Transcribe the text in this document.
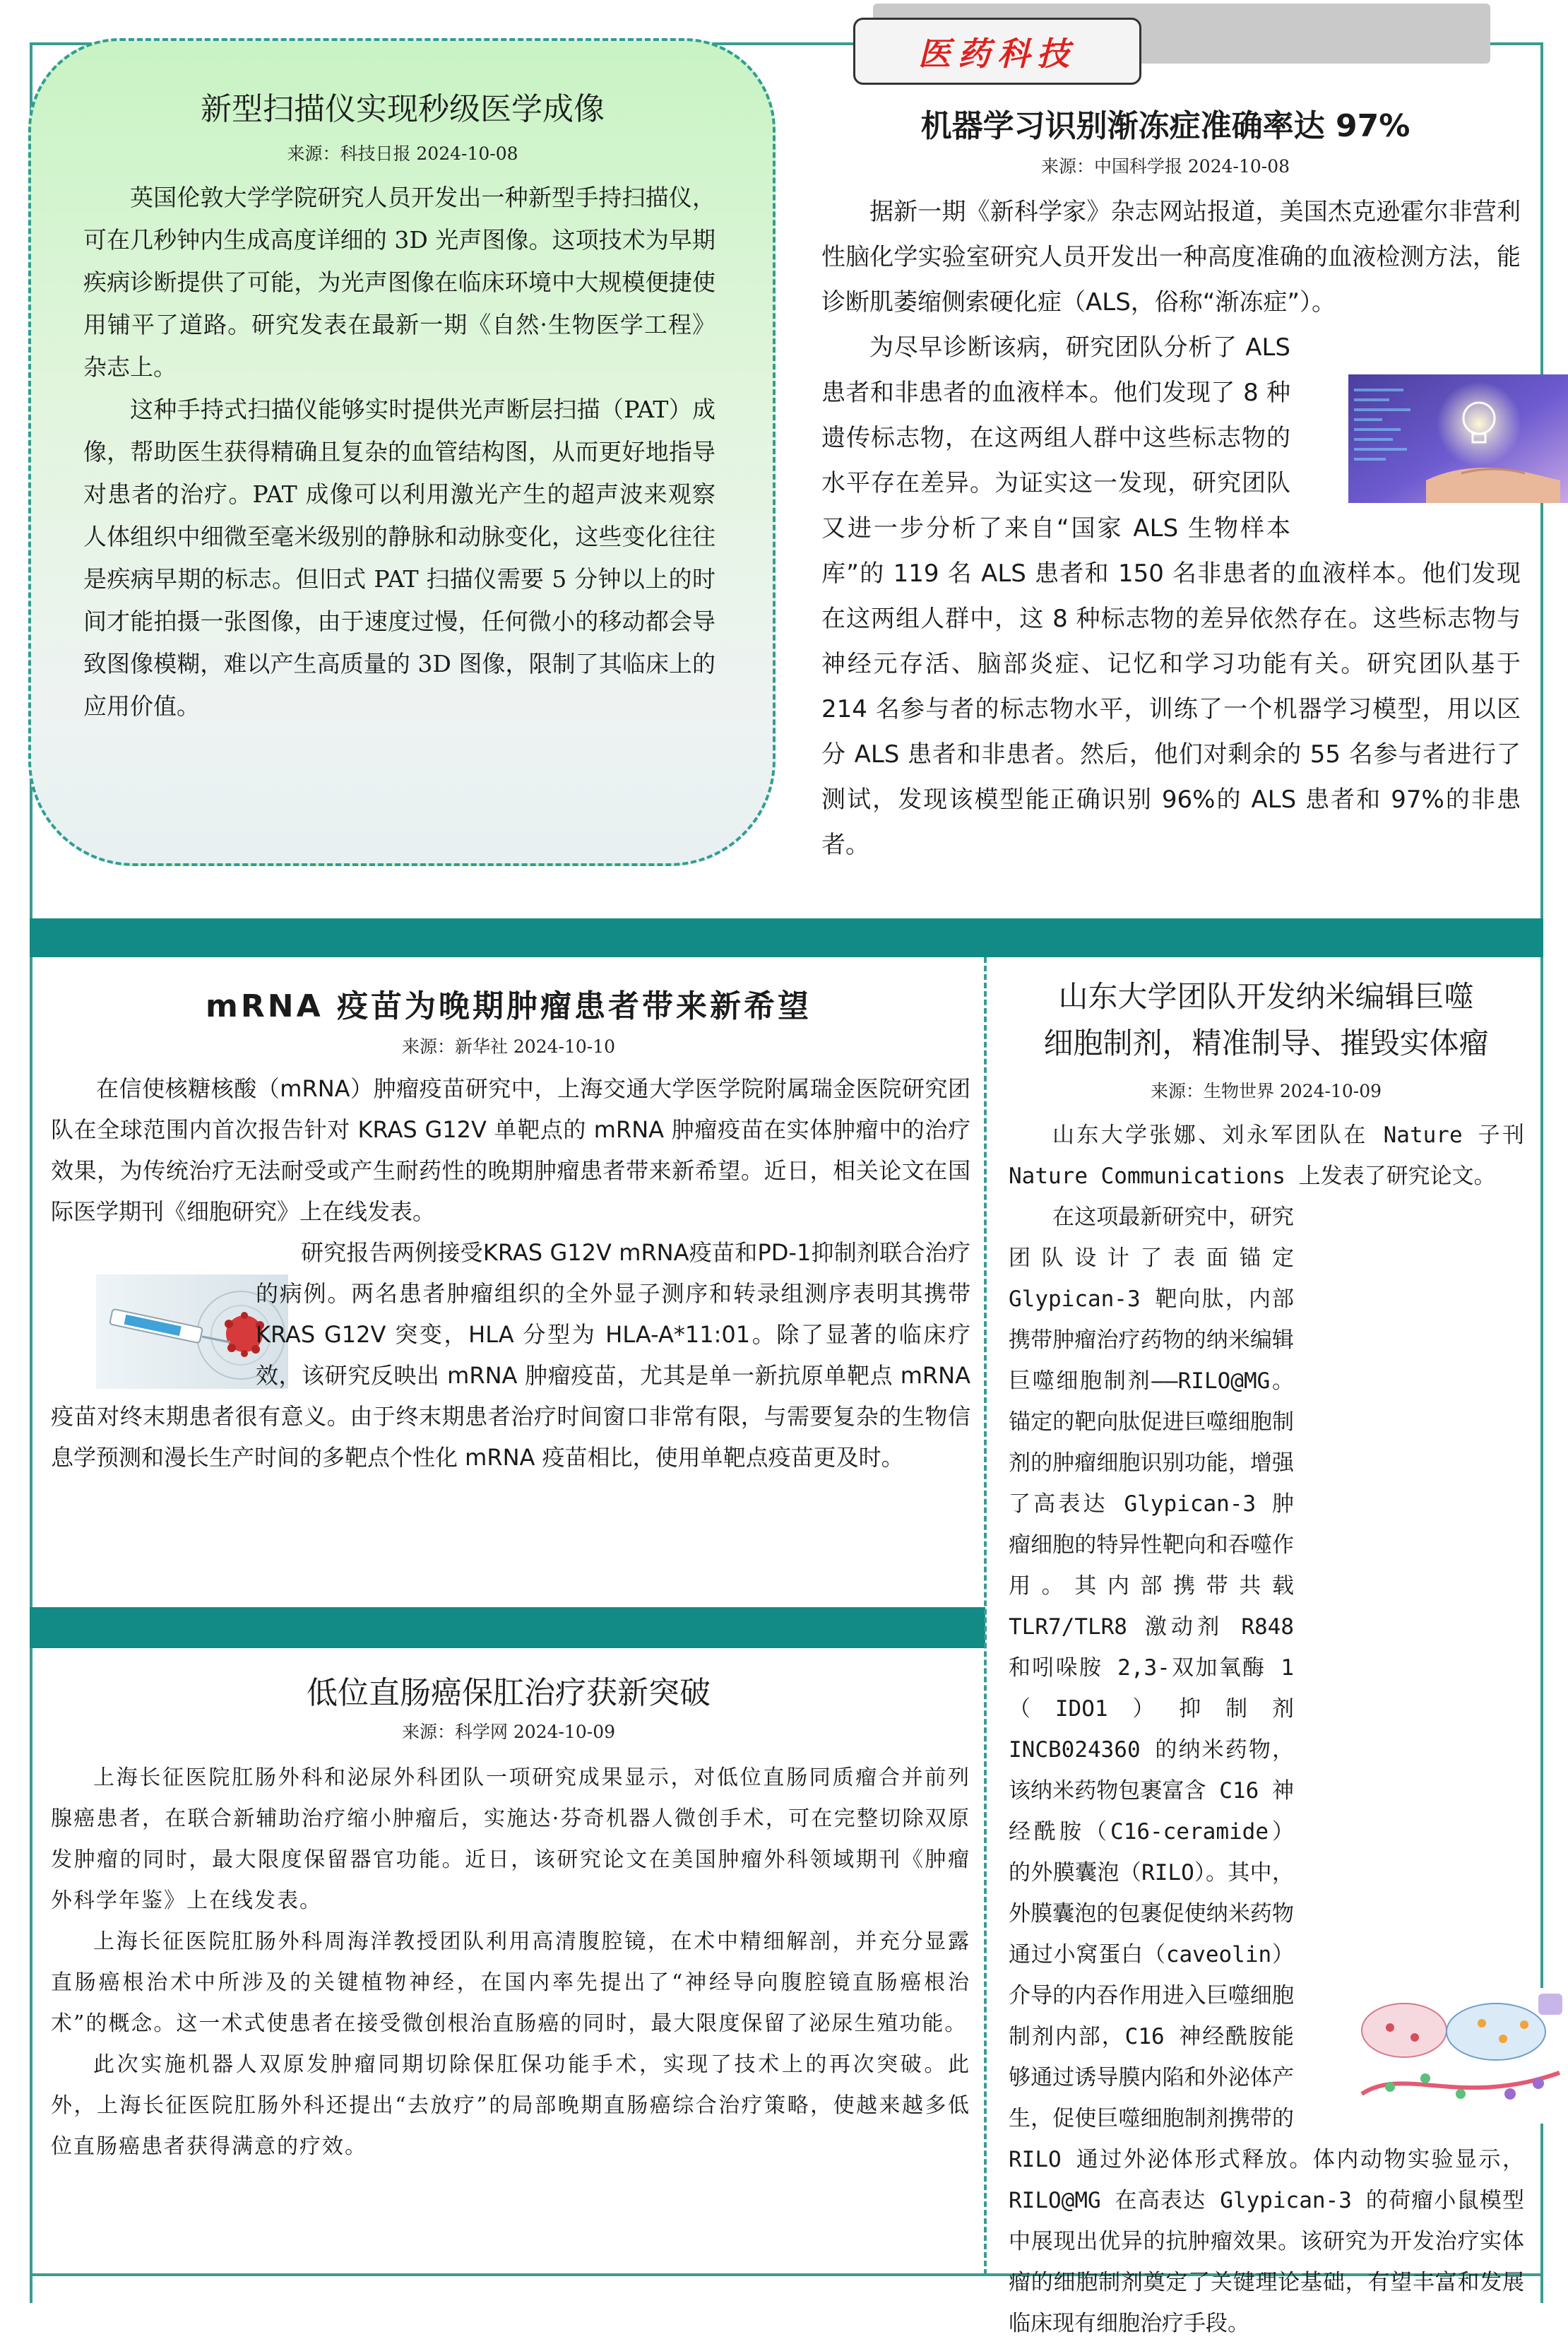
医药科技
新型扫描仪实现秒级医学成像
来源：科技日报 2024-10-08

英国伦敦大学学院研究人员开发出一种新型手持扫描仪，可在几秒钟内生成高度详细的 3D 光声图像。这项技术为早期疾病诊断提供了可能，为光声图像在临床环境中大规模便捷使用铺平了道路。研究发表在最新一期《自然·生物医学工程》杂志上。

这种手持式扫描仪能够实时提供光声断层扫描（PAT）成像，帮助医生获得精确且复杂的血管结构图，从而更好地指导对患者的治疗。PAT 成像可以利用激光产生的超声波来观察人体组织中细微至毫米级别的静脉和动脉变化，这些变化往往是疾病早期的标志。但旧式 PAT 扫描仪需要 5 分钟以上的时间才能拍摄一张图像，由于速度过慢，任何微小的移动都会导致图像模糊，难以产生高质量的 3D 图像，限制了其临床上的应用价值。

机器学习识别渐冻症准确率达 97%
来源：中国科学报 2024-10-08

据新一期《新科学家》杂志网站报道，美国杰克逊霍尔非营利性脑化学实验室研究人员开发出一种高度准确的血液检测方法，能诊断肌萎缩侧索硬化症（ALS，俗称“渐冻症”）。

为尽早诊断该病，研究团队分析了 ALS 患者和非患者的血液样本。他们发现了 8 种遗传标志物，在这两组人群中这些标志物的水平存在差异。为证实这一发现，研究团队又进一步分析了来自“国家 ALS 生物样本库”的 119 名 ALS 患者和 150 名非患者的血液样本。他们发现在这两组人群中，这 8 种标志物的差异依然存在。这些标志物与神经元存活、脑部炎症、记忆和学习功能有关。研究团队基于 214 名参与者的标志物水平，训练了一个机器学习模型，用以区分 ALS 患者和非患者。然后，他们对剩余的 55 名参与者进行了测试，发现该模型能正确识别 96%的 ALS 患者和 97%的非患者。

mRNA 疫苗为晚期肿瘤患者带来新希望
来源：新华社 2024-10-10

在信使核糖核酸（mRNA）肿瘤疫苗研究中，上海交通大学医学院附属瑞金医院研究团队在全球范围内首次报告针对 KRAS G12V 单靶点的 mRNA 肿瘤疫苗在实体肿瘤中的治疗效果，为传统治疗无法耐受或产生耐药性的晚期肿瘤患者带来新希望。近日，相关论文在国际医学期刊《细胞研究》上在线发表。

研究报告两例接受KRAS G12V mRNA疫苗和PD-1抑制剂联合治疗的病例。两名患者肿瘤组织的全外显子测序和转录组测序表明其携带 KRAS G12V 突变，HLA 分型为 HLA-A*11:01。除了显著的临床疗效，该研究反映出 mRNA 肿瘤疫苗，尤其是单一新抗原单靶点 mRNA 疫苗对终末期患者很有意义。由于终末期患者治疗时间窗口非常有限，与需要复杂的生物信息学预测和漫长生产时间的多靶点个性化 mRNA 疫苗相比，使用单靶点疫苗更及时。

山东大学团队开发纳米编辑巨噬
细胞制剂，精准制导、摧毁实体瘤
来源：生物世界 2024-10-09

山东大学张娜、刘永军团队在 Nature 子刊 Nature Communications 上发表了研究论文。

在这项最新研究中，研究团队设计了表面锚定 Glypican-3 靶向肽，内部携带肿瘤治疗药物的纳米编辑巨噬细胞制剂——RILO@MG。锚定的靶向肽促进巨噬细胞制剂的肿瘤细胞识别功能，增强了高表达 Glypican-3 肿瘤细胞的特异性靶向和吞噬作用。其内部携带共载 TLR7/TLR8 激动剂 R848 和吲哚胺 2,3-双加氧酶 1（IDO1）抑制剂 INCB024360 的纳米药物，该纳米药物包裹富含 C16 神经酰胺（C16-ceramide）的外膜囊泡（RILO）。其中，外膜囊泡的包裹促使纳米药物通过小窝蛋白（caveolin）介导的内吞作用进入巨噬细胞制剂内部，C16 神经酰胺能够通过诱导膜内陷和外泌体产生，促使巨噬细胞制剂携带的 RILO 通过外泌体形式释放。体内动物实验显示，RILO@MG 在高表达 Glypican-3 的荷瘤小鼠模型中展现出优异的抗肿瘤效果。该研究为开发治疗实体瘤的细胞制剂奠定了关键理论基础，有望丰富和发展临床现有细胞治疗手段。

低位直肠癌保肛治疗获新突破
来源：科学网 2024-10-09

上海长征医院肛肠外科和泌尿外科团队一项研究成果显示，对低位直肠同质瘤合并前列腺癌患者，在联合新辅助治疗缩小肿瘤后，实施达·芬奇机器人微创手术，可在完整切除双原发肿瘤的同时，最大限度保留器官功能。近日，该研究论文在美国肿瘤外科领域期刊《肿瘤外科学年鉴》上在线发表。

上海长征医院肛肠外科周海洋教授团队利用高清腹腔镜，在术中精细解剖，并充分显露直肠癌根治术中所涉及的关键植物神经，在国内率先提出了“神经导向腹腔镜直肠癌根治术”的概念。这一术式使患者在接受微创根治直肠癌的同时，最大限度保留了泌尿生殖功能。

此次实施机器人双原发肿瘤同期切除保肛保功能手术，实现了技术上的再次突破。此外，上海长征医院肛肠外科还提出“去放疗”的局部晚期直肠癌综合治疗策略，使越来越多低位直肠癌患者获得满意的疗效。
